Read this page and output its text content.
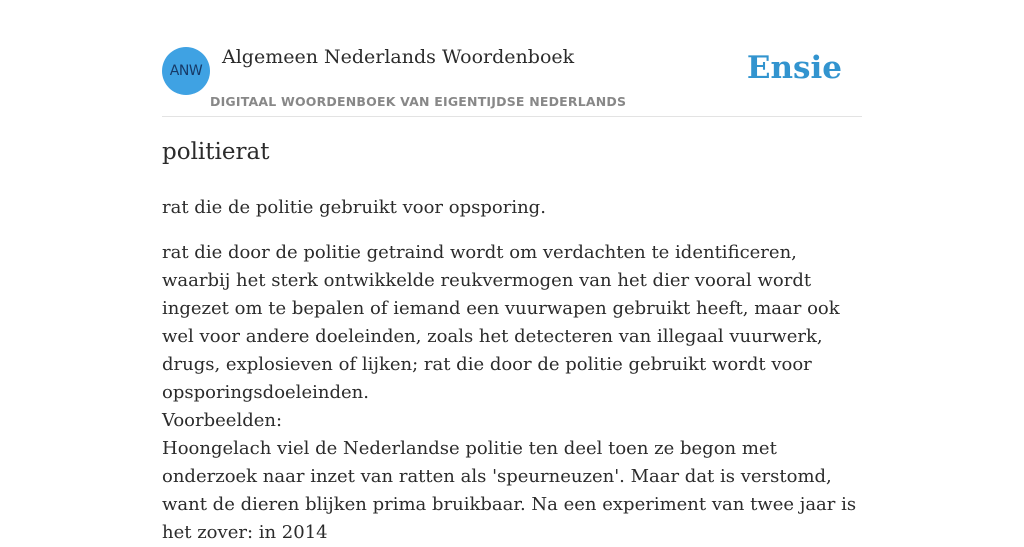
ANW
Algemeen Nederlands Woordenboek
DIGITAAL WOORDENBOEK VAN EIGENTIJDSE NEDERLANDS
Ensie
politierat
rat die de politie gebruikt voor opsporing.

rat die door de politie getraind wordt om verdachten te identificeren, waarbij het sterk ontwikkelde reukvermogen van het dier vooral wordt ingezet om te bepalen of iemand een vuurwapen gebruikt heeft, maar ook wel voor andere doeleinden, zoals het detecteren van illegaal vuurwerk, drugs, explosieven of lijken; rat die door de politie gebruikt wordt voor opsporingsdoeleinden.

Voorbeelden:

Hoongelach viel de Nederlandse politie ten deel toen ze begon met onderzoek naar inzet van ratten als 'speurneuzen'. Maar dat is verstomd, want de dieren blijken prima bruikbaar. Na een experiment van twee jaar is het zover: in 2014
